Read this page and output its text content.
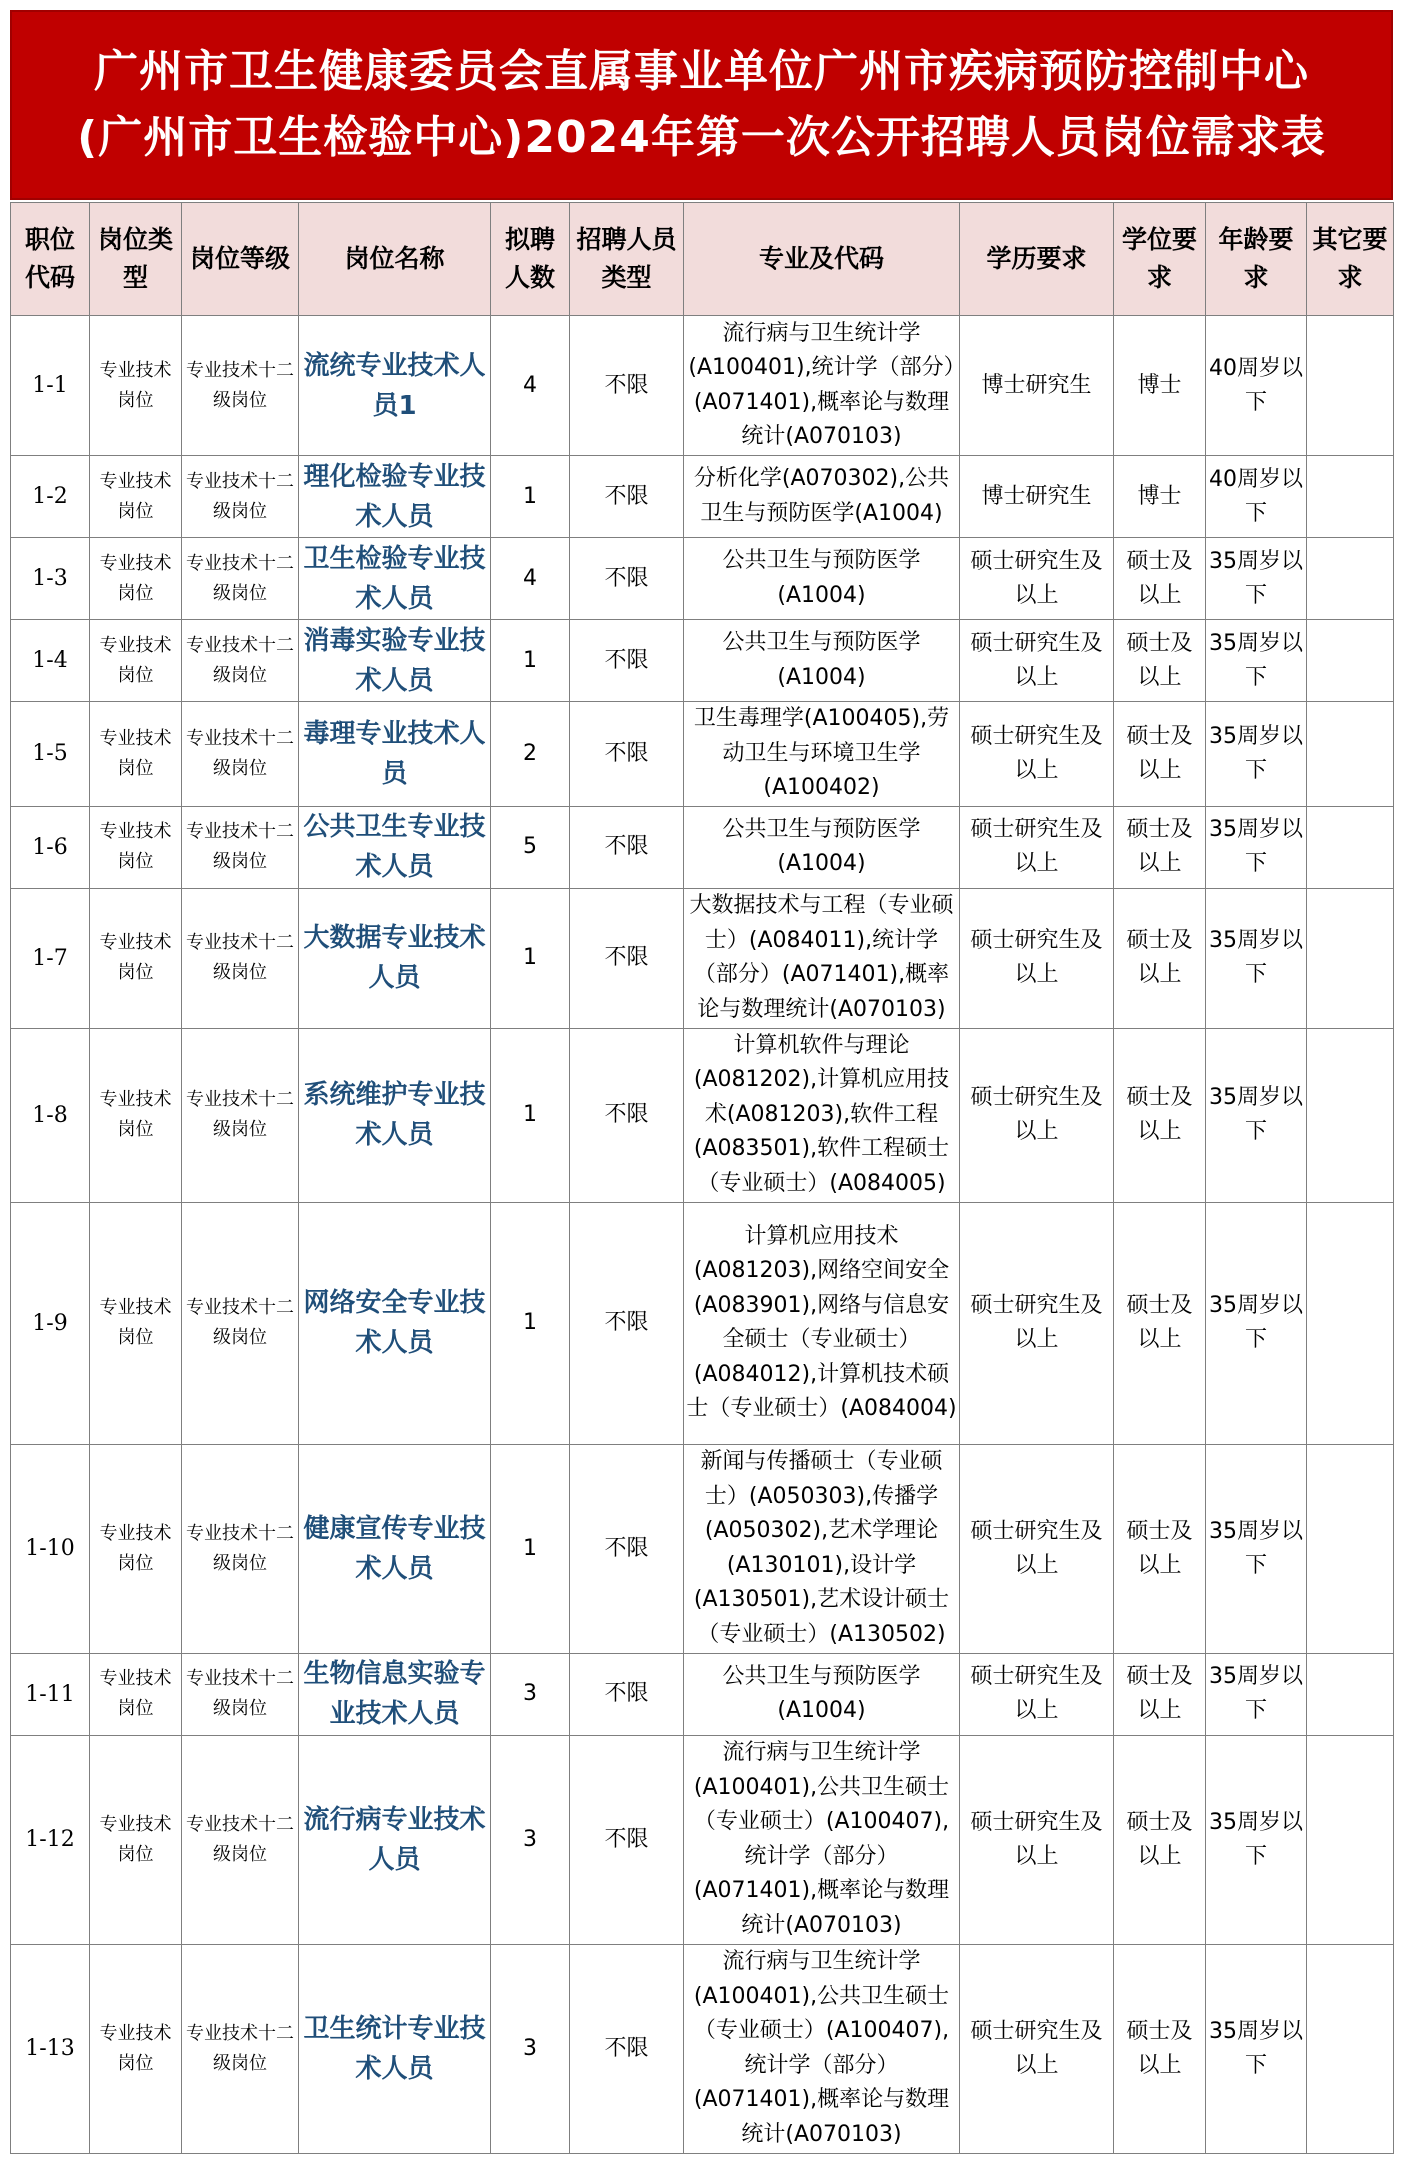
广州市卫生健康委员会直属事业单位广州市疾病预防控制中心
(广州市卫生检验中心)2024年第一次公开招聘人员岗位需求表
职位代码	岗位类型	岗位等级	岗位名称	拟聘人数	招聘人员类型	专业及代码	学历要求	学位要求	年龄要求	其它要求
1-1	专业技术岗位	专业技术十二级岗位	流统专业技术人员1	4	不限	流行病与卫生统计学(A100401),统计学（部分）(A071401),概率论与数理统计(A070103)	博士研究生	博士	40周岁以下	
1-2	专业技术岗位	专业技术十二级岗位	理化检验专业技术人员	1	不限	分析化学(A070302),公共卫生与预防医学(A1004)	博士研究生	博士	40周岁以下	
1-3	专业技术岗位	专业技术十二级岗位	卫生检验专业技术人员	4	不限	公共卫生与预防医学(A1004)	硕士研究生及以上	硕士及以上	35周岁以下	
1-4	专业技术岗位	专业技术十二级岗位	消毒实验专业技术人员	1	不限	公共卫生与预防医学(A1004)	硕士研究生及以上	硕士及以上	35周岁以下	
1-5	专业技术岗位	专业技术十二级岗位	毒理专业技术人员	2	不限	卫生毒理学(A100405),劳动卫生与环境卫生学(A100402)	硕士研究生及以上	硕士及以上	35周岁以下	
1-6	专业技术岗位	专业技术十二级岗位	公共卫生专业技术人员	5	不限	公共卫生与预防医学(A1004)	硕士研究生及以上	硕士及以上	35周岁以下	
1-7	专业技术岗位	专业技术十二级岗位	大数据专业技术人员	1	不限	大数据技术与工程（专业硕士）(A084011),统计学（部分）(A071401),概率论与数理统计(A070103)	硕士研究生及以上	硕士及以上	35周岁以下	
1-8	专业技术岗位	专业技术十二级岗位	系统维护专业技术人员	1	不限	计算机软件与理论(A081202),计算机应用技术(A081203),软件工程(A083501),软件工程硕士（专业硕士）(A084005)	硕士研究生及以上	硕士及以上	35周岁以下	
1-9	专业技术岗位	专业技术十二级岗位	网络安全专业技术人员	1	不限	计算机应用技术(A081203),网络空间安全(A083901),网络与信息安全硕士（专业硕士）(A084012),计算机技术硕士（专业硕士）(A084004)	硕士研究生及以上	硕士及以上	35周岁以下	
1-10	专业技术岗位	专业技术十二级岗位	健康宣传专业技术人员	1	不限	新闻与传播硕士（专业硕士）(A050303),传播学(A050302),艺术学理论(A130101),设计学(A130501),艺术设计硕士（专业硕士）(A130502)	硕士研究生及以上	硕士及以上	35周岁以下	
1-11	专业技术岗位	专业技术十二级岗位	生物信息实验专业技术人员	3	不限	公共卫生与预防医学(A1004)	硕士研究生及以上	硕士及以上	35周岁以下	
1-12	专业技术岗位	专业技术十二级岗位	流行病专业技术人员	3	不限	流行病与卫生统计学(A100401),公共卫生硕士（专业硕士）(A100407),统计学（部分）(A071401),概率论与数理统计(A070103)	硕士研究生及以上	硕士及以上	35周岁以下	
1-13	专业技术岗位	专业技术十二级岗位	卫生统计专业技术人员	3	不限	流行病与卫生统计学(A100401),公共卫生硕士（专业硕士）(A100407),统计学（部分）(A071401),概率论与数理统计(A070103)	硕士研究生及以上	硕士及以上	35周岁以下	
